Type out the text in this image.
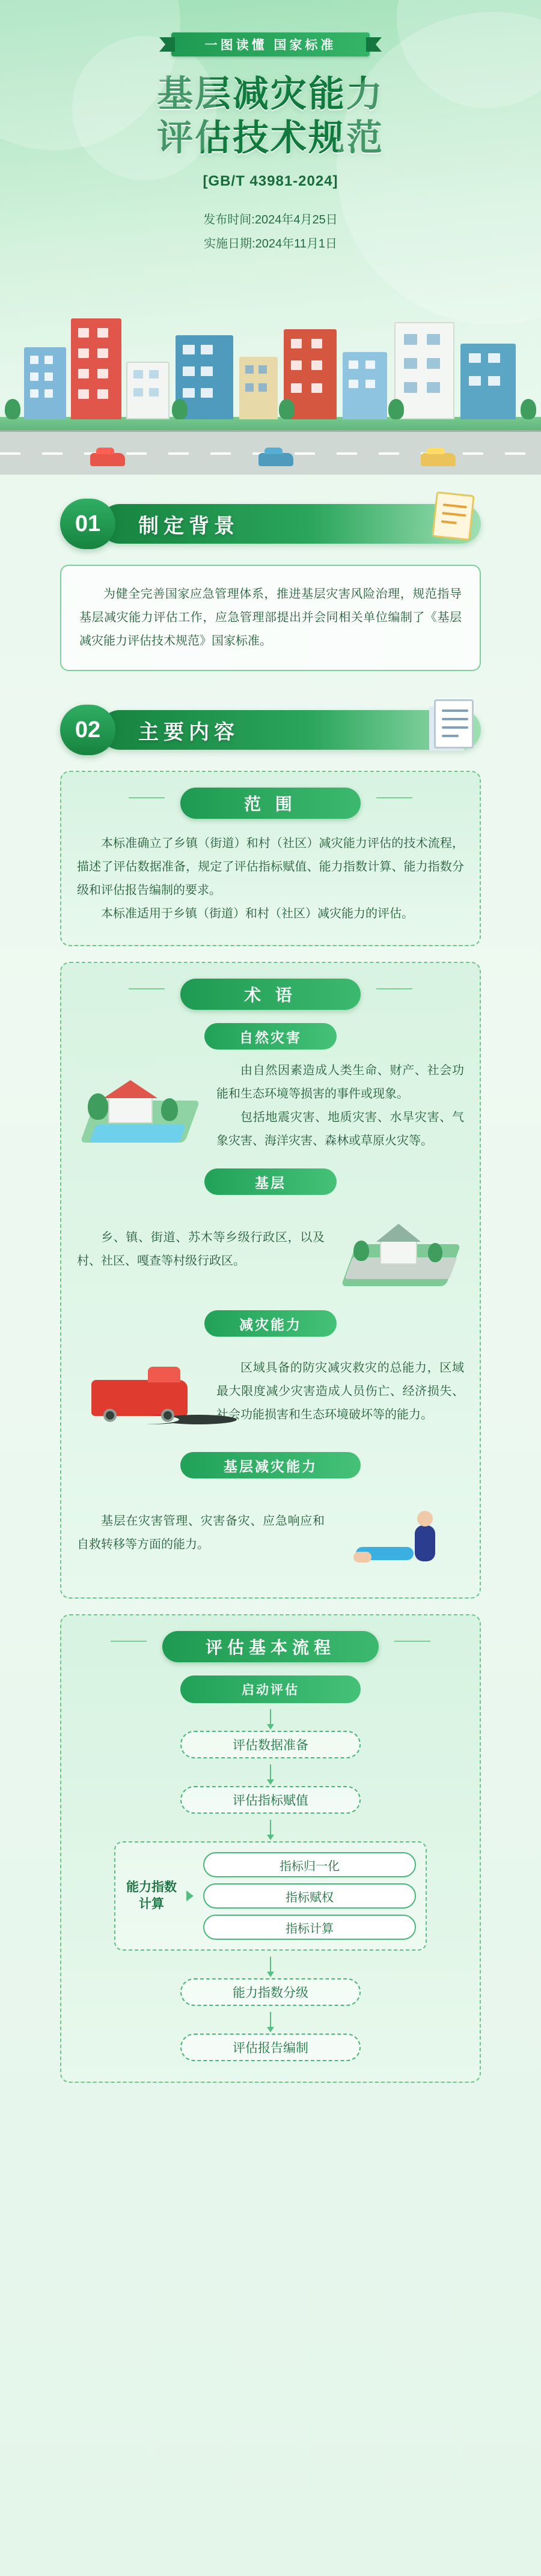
一图读懂 国家标准
基层减灾能力
评估技术规范
[GB/T 43981-2024]
发布时间:2024年4月25日
实施日期:2024年11月1日
01	制定背景

为健全完善国家应急管理体系，推进基层灾害风险治理，规范指导基层减灾能力评估工作，应急管理部提出并会同相关单位编制了《基层减灾能力评估技术规范》国家标准。

02	主要内容
范 围

本标准确立了乡镇（街道）和村（社区）减灾能力评估的技术流程，描述了评估数据准备，规定了评估指标赋值、能力指数计算、能力指数分级和评估报告编制的要求。

本标准适用于乡镇（街道）和村（社区）减灾能力的评估。

术 语
自然灾害

由自然因素造成人类生命、财产、社会功能和生态环境等损害的事件或现象。

包括地震灾害、地质灾害、水旱灾害、气象灾害、海洋灾害、森林或草原火灾等。

基层

乡、镇、街道、苏木等乡级行政区，以及村、社区、嘎查等村级行政区。

减灾能力

区域具备的防灾减灾救灾的总能力，区域最大限度减少灾害造成人员伤亡、经济损失、社会功能损害和生态环境破坏等的能力。

基层减灾能力

基层在灾害管理、灾害备灾、应急响应和自救转移等方面的能力。

评估基本流程
启动评估
评估数据准备
评估指标赋值
能力指数计算
指标归一化
指标赋权
指标计算
能力指数分级
评估报告编制
